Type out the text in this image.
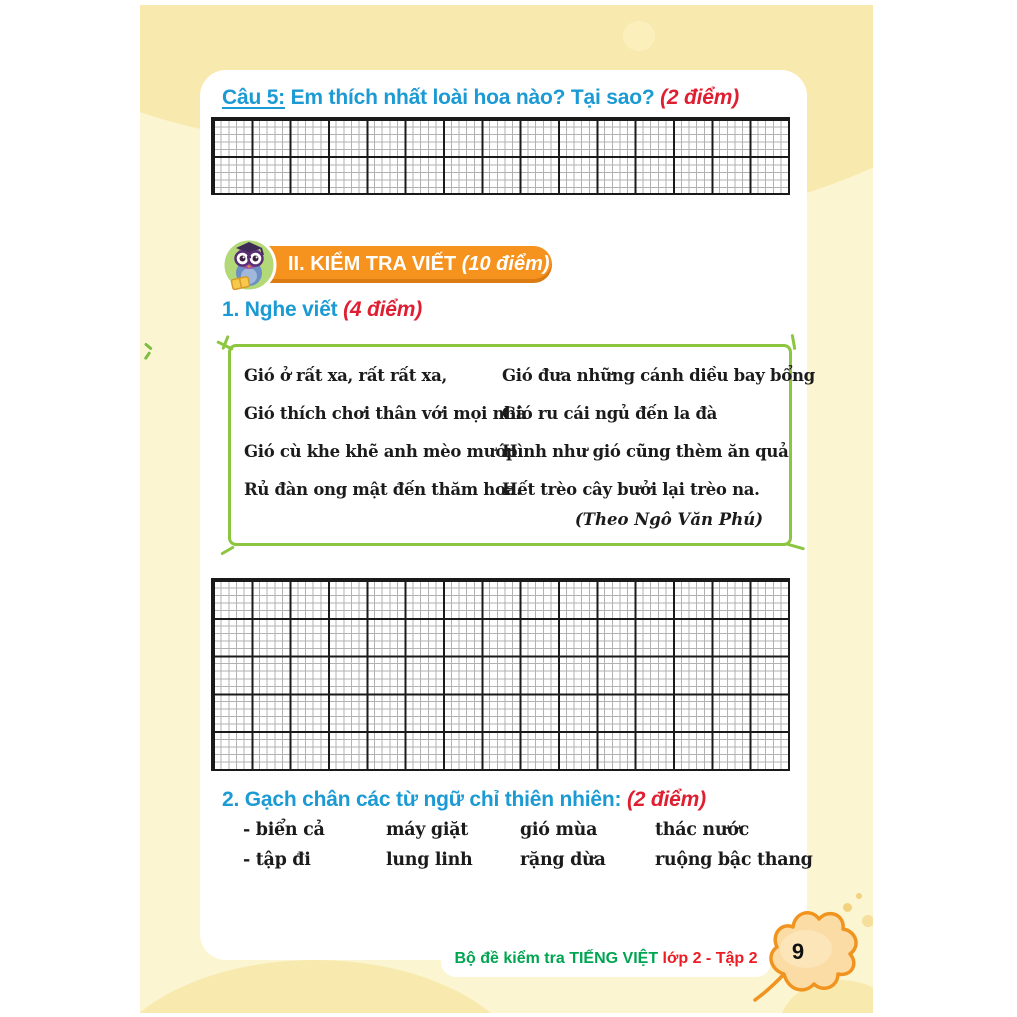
Câu 5: Em thích nhất loài hoa nào? Tại sao? (2 điểm)
II. KIỂM TRA VIẾT (10 điểm)
1. Nghe viết (4 điểm)
Gió ở rất xa, rất rất xa,
Gió thích chơi thân với mọi nhà
Gió cù khe khẽ anh mèo mướp
Rủ đàn ong mật đến thăm hoa.
Gió đưa những cánh diều bay bổng
Gió ru cái ngủ đến la đà
Hình như gió cũng thèm ăn quả
Hết trèo cây bưởi lại trèo na.
(Theo Ngô Văn Phú)
2. Gạch chân các từ ngữ chỉ thiên nhiên: (2 điểm)
- biển cả	máy giặt	gió mùa	thác nước
- tập đi	lung linh	rặng dừa	ruộng bậc thang
Bộ đề kiểm tra TIẾNG VIỆT lớp 2 - Tập 2	9
